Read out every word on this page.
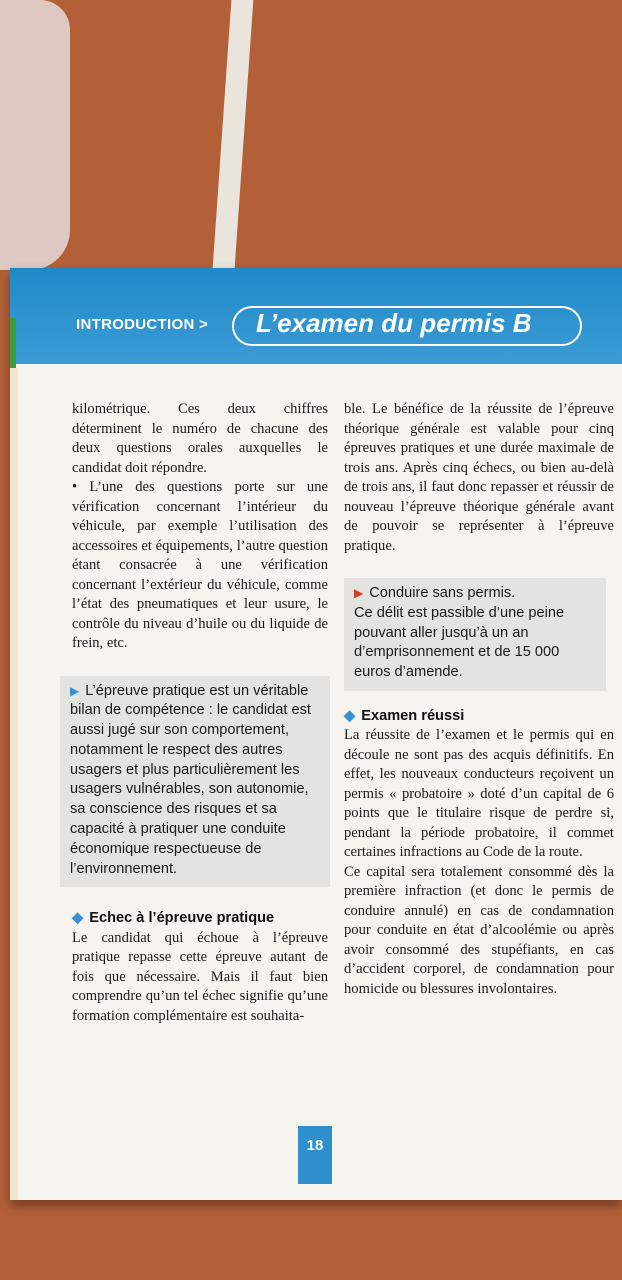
INTRODUCTION > L’examen du permis B

kilométrique. Ces deux chiffres déterminent le numéro de chacune des deux questions orales auxquelles le candidat doit répondre.

• L’une des questions porte sur une vérification concernant l’intérieur du véhicule, par exemple l’utilisation des accessoires et équipements, l’autre question étant consacrée à une vérification concernant l’extérieur du véhicule, comme l’état des pneumatiques et leur usure, le contrôle du niveau d’huile ou du liquide de frein, etc.

▶ L’épreuve pratique est un véritable bilan de compétence : le candidat est aussi jugé sur son comportement, notamment le respect des autres usagers et plus particulièrement les usagers vulnérables, son autonomie, sa conscience des risques et sa capacité à pratiquer une conduite économique respectueuse de l’environnement.

◆ Echec à l’épreuve pratique

Le candidat qui échoue à l’épreuve pratique repasse cette épreuve autant de fois que nécessaire. Mais il faut bien comprendre qu’un tel échec signifie qu’une formation complémentaire est souhaita-

ble. Le bénéfice de la réussite de l’épreuve théorique générale est valable pour cinq épreuves pratiques et une durée maximale de trois ans. Après cinq échecs, ou bien au-delà de trois ans, il faut donc repasser et réussir de nouveau l’épreuve théorique générale avant de pouvoir se représenter à l’épreuve pratique.

▶ Conduire sans permis.
Ce délit est passible d’une peine pouvant aller jusqu’à un an d’emprisonnement et de 15 000 euros d’amende.

◆ Examen réussi

La réussite de l’examen et le permis qui en découle ne sont pas des acquis définitifs. En effet, les nouveaux conducteurs reçoivent un permis « probatoire » doté d’un capital de 6 points que le titulaire risque de perdre si, pendant la période probatoire, il commet certaines infractions au Code de la route.

Ce capital sera totalement consommé dès la première infraction (et donc le permis de conduire annulé) en cas de condamnation pour conduite en état d’alcoolémie ou après avoir consommé des stupéfiants, en cas d’accident corporel, de condamnation pour homicide ou blessures involontaires.

18
